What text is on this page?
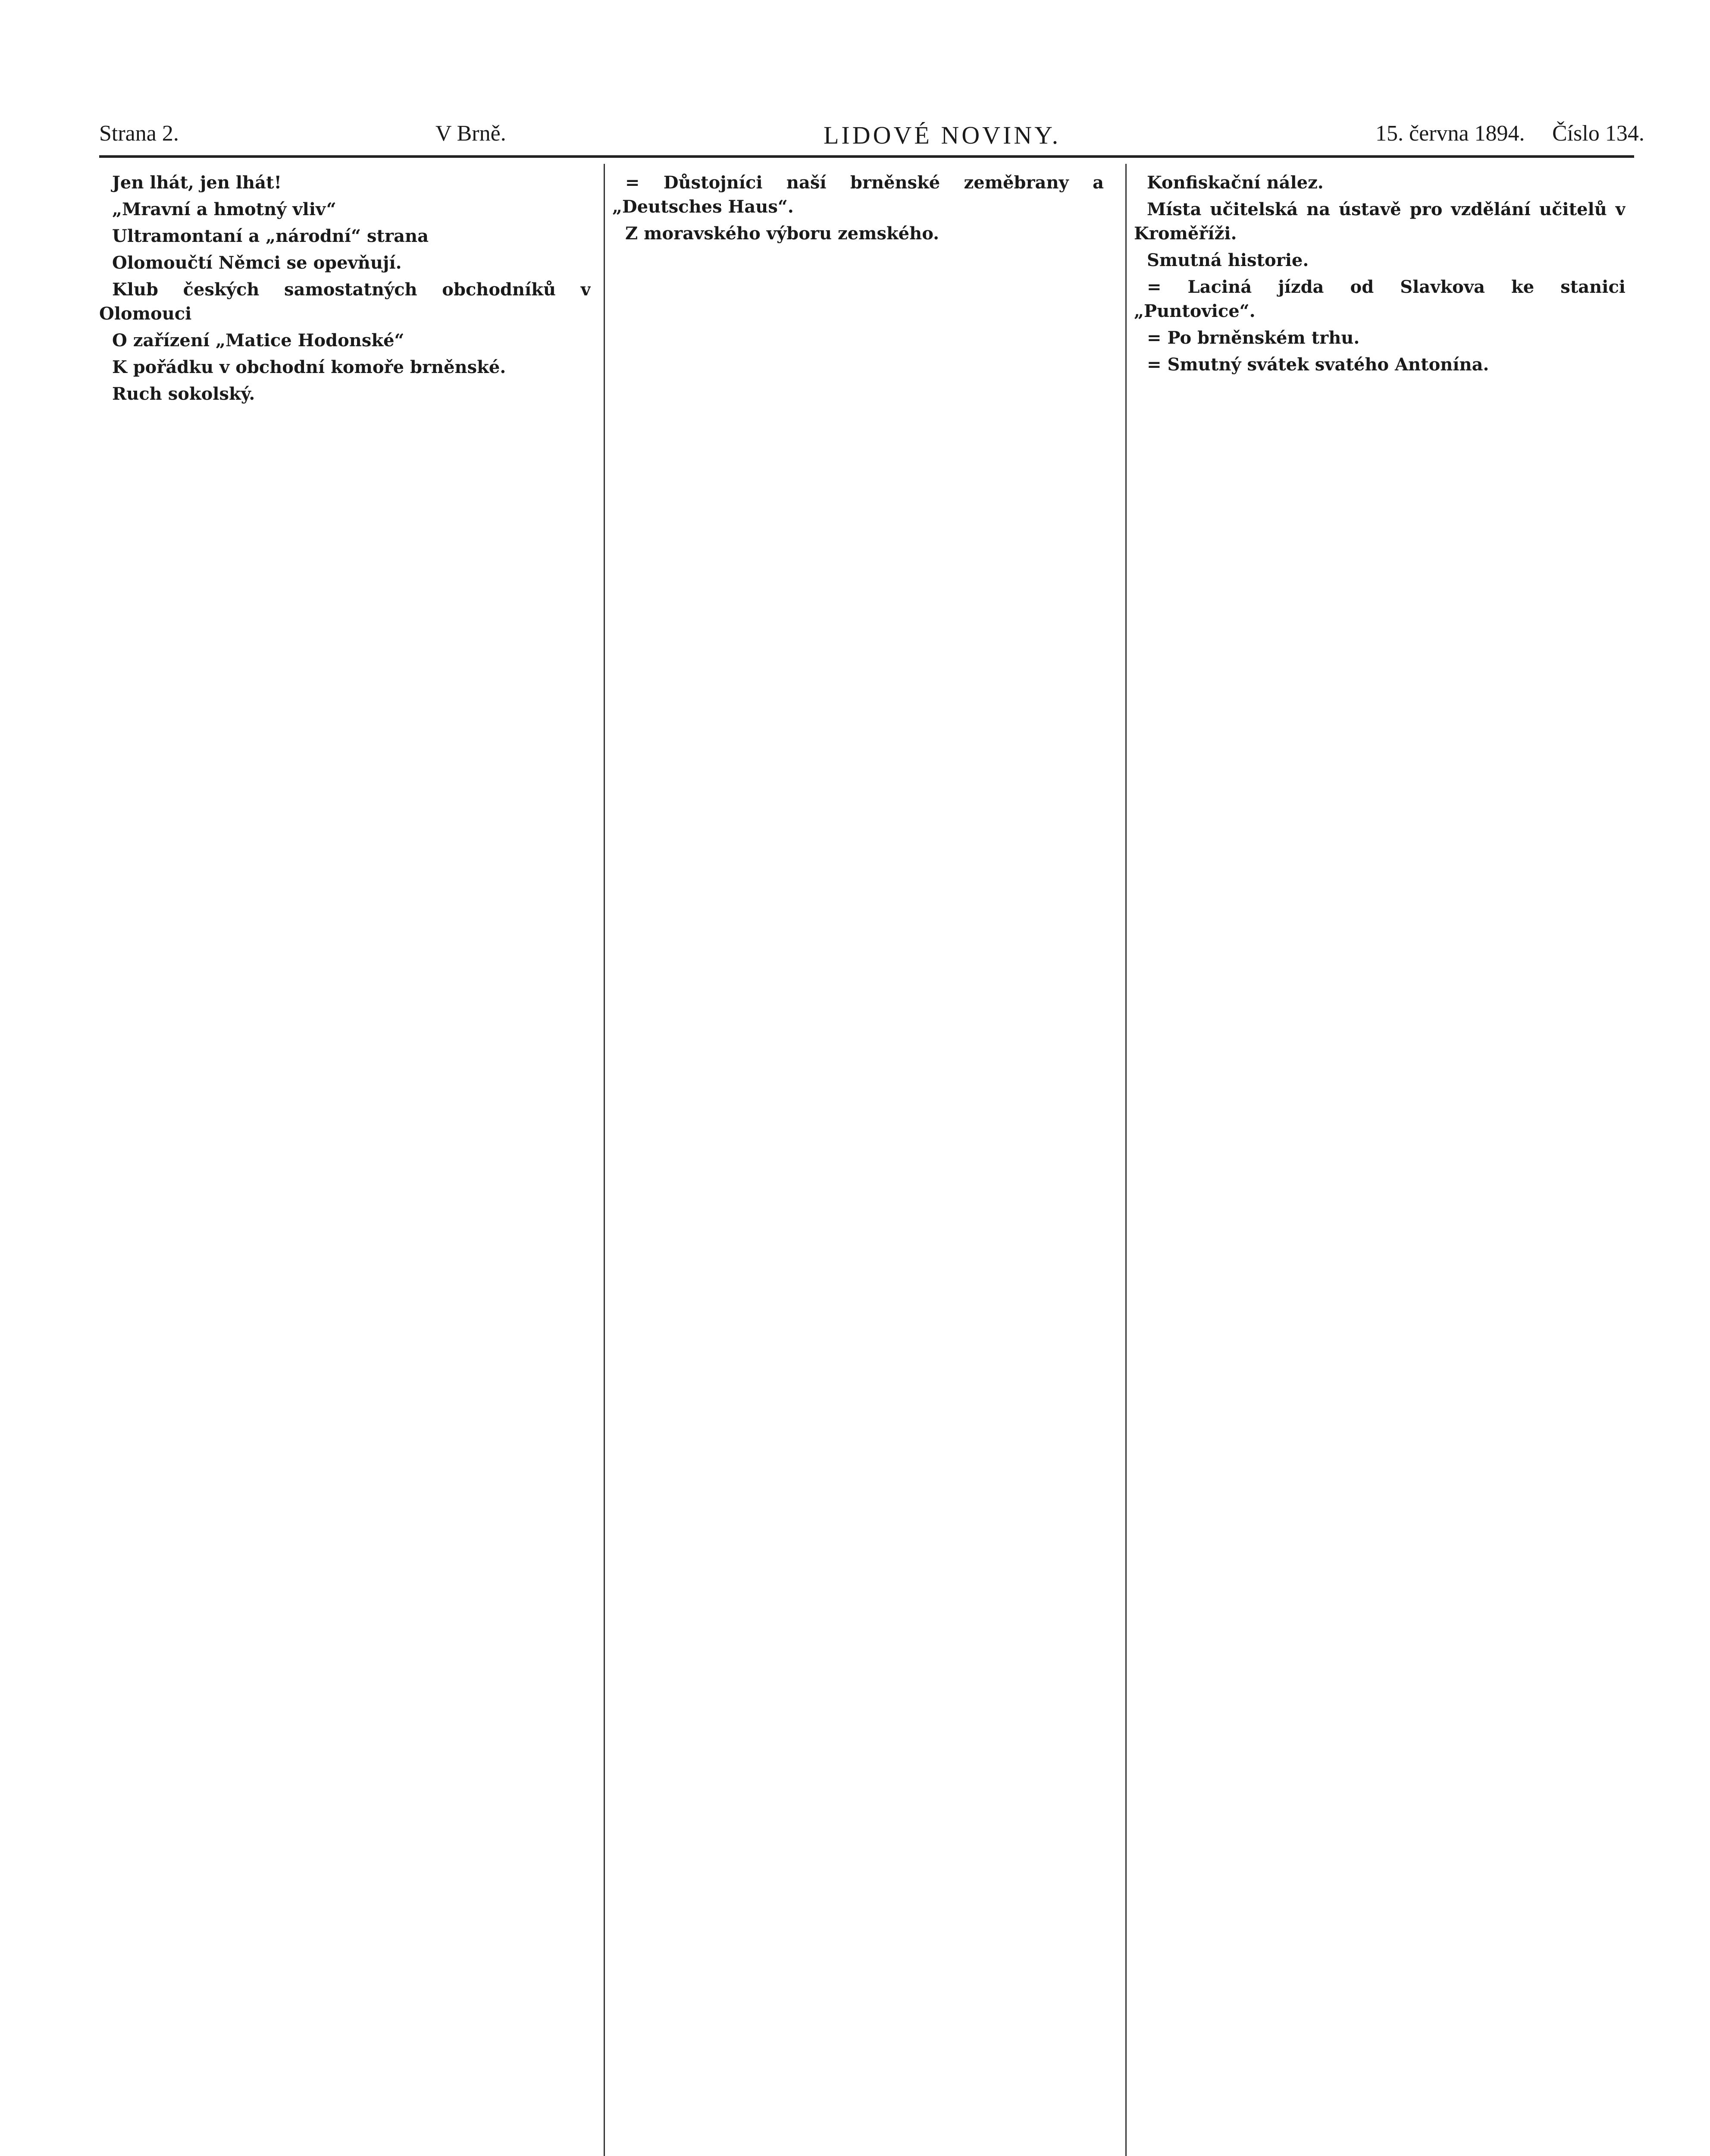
Strana 2.	V Brně.	LIDOVÉ NOVINY.	15. června 1894. Číslo 134.

Jen lhát, jen lhát!

„Mravní a hmotný vliv“

Ultramontaní a „národní“ strana

Olomoučtí Němci se opevňují.

Klub českých samostatných obchodníků v Olomouci

O zařízení „Matice Hodonské“

K pořádku v obchodní komoře brněnské.

Ruch sokolský.

= Důstojníci naší brněnské zeměbrany a „Deutsches Haus“.

Z moravského výboru zemského.

Konfiskační nález.

Místa učitelská na ústavě pro vzdělání učitelů v Kroměříži.

Smutná historie.

= Laciná jízda od Slavkova ke stanici „Puntovice“.

= Po brněnském trhu.

= Smutný svátek svatého Antonína.
